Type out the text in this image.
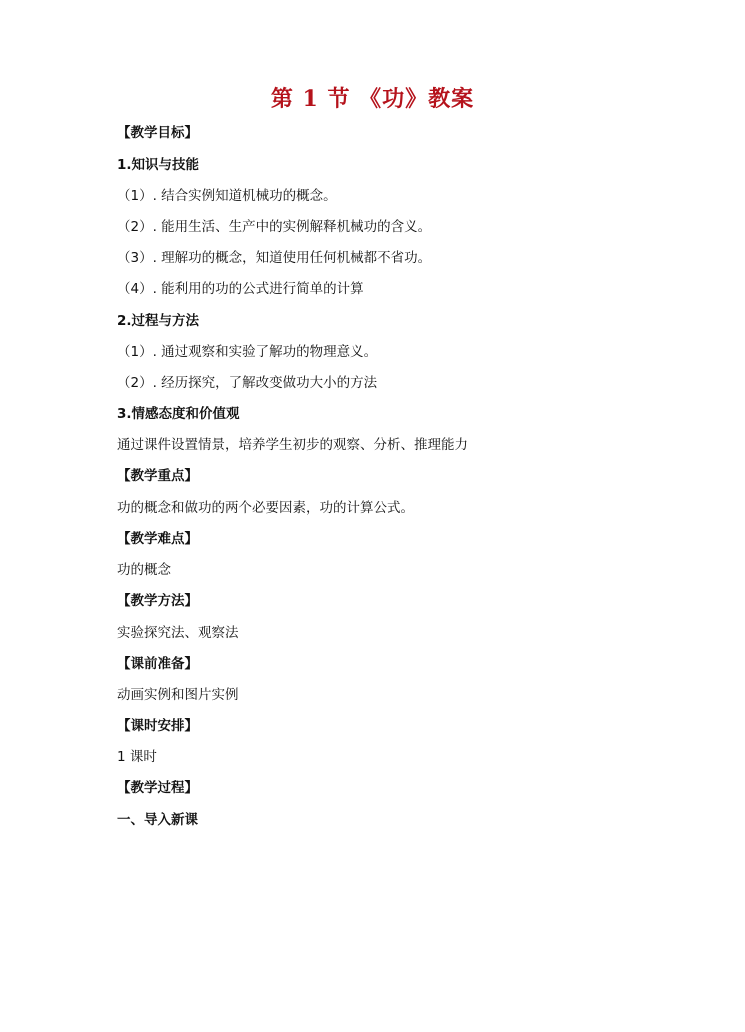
第 1 节 《功》教案
【教学目标】
1.知识与技能
（1）. 结合实例知道机械功的概念。
（2）. 能用生活、生产中的实例解释机械功的含义。
（3）. 理解功的概念，知道使用任何机械都不省功。
（4）. 能利用的功的公式进行简单的计算
2.过程与方法
（1）. 通过观察和实验了解功的物理意义。
（2）. 经历探究，了解改变做功大小的方法
3.情感态度和价值观
通过课件设置情景，培养学生初步的观察、分析、推理能力
【教学重点】
功的概念和做功的两个必要因素，功的计算公式。
【教学难点】
功的概念
【教学方法】
实验探究法、观察法
【课前准备】
动画实例和图片实例
【课时安排】
1 课时
【教学过程】
一、导入新课
